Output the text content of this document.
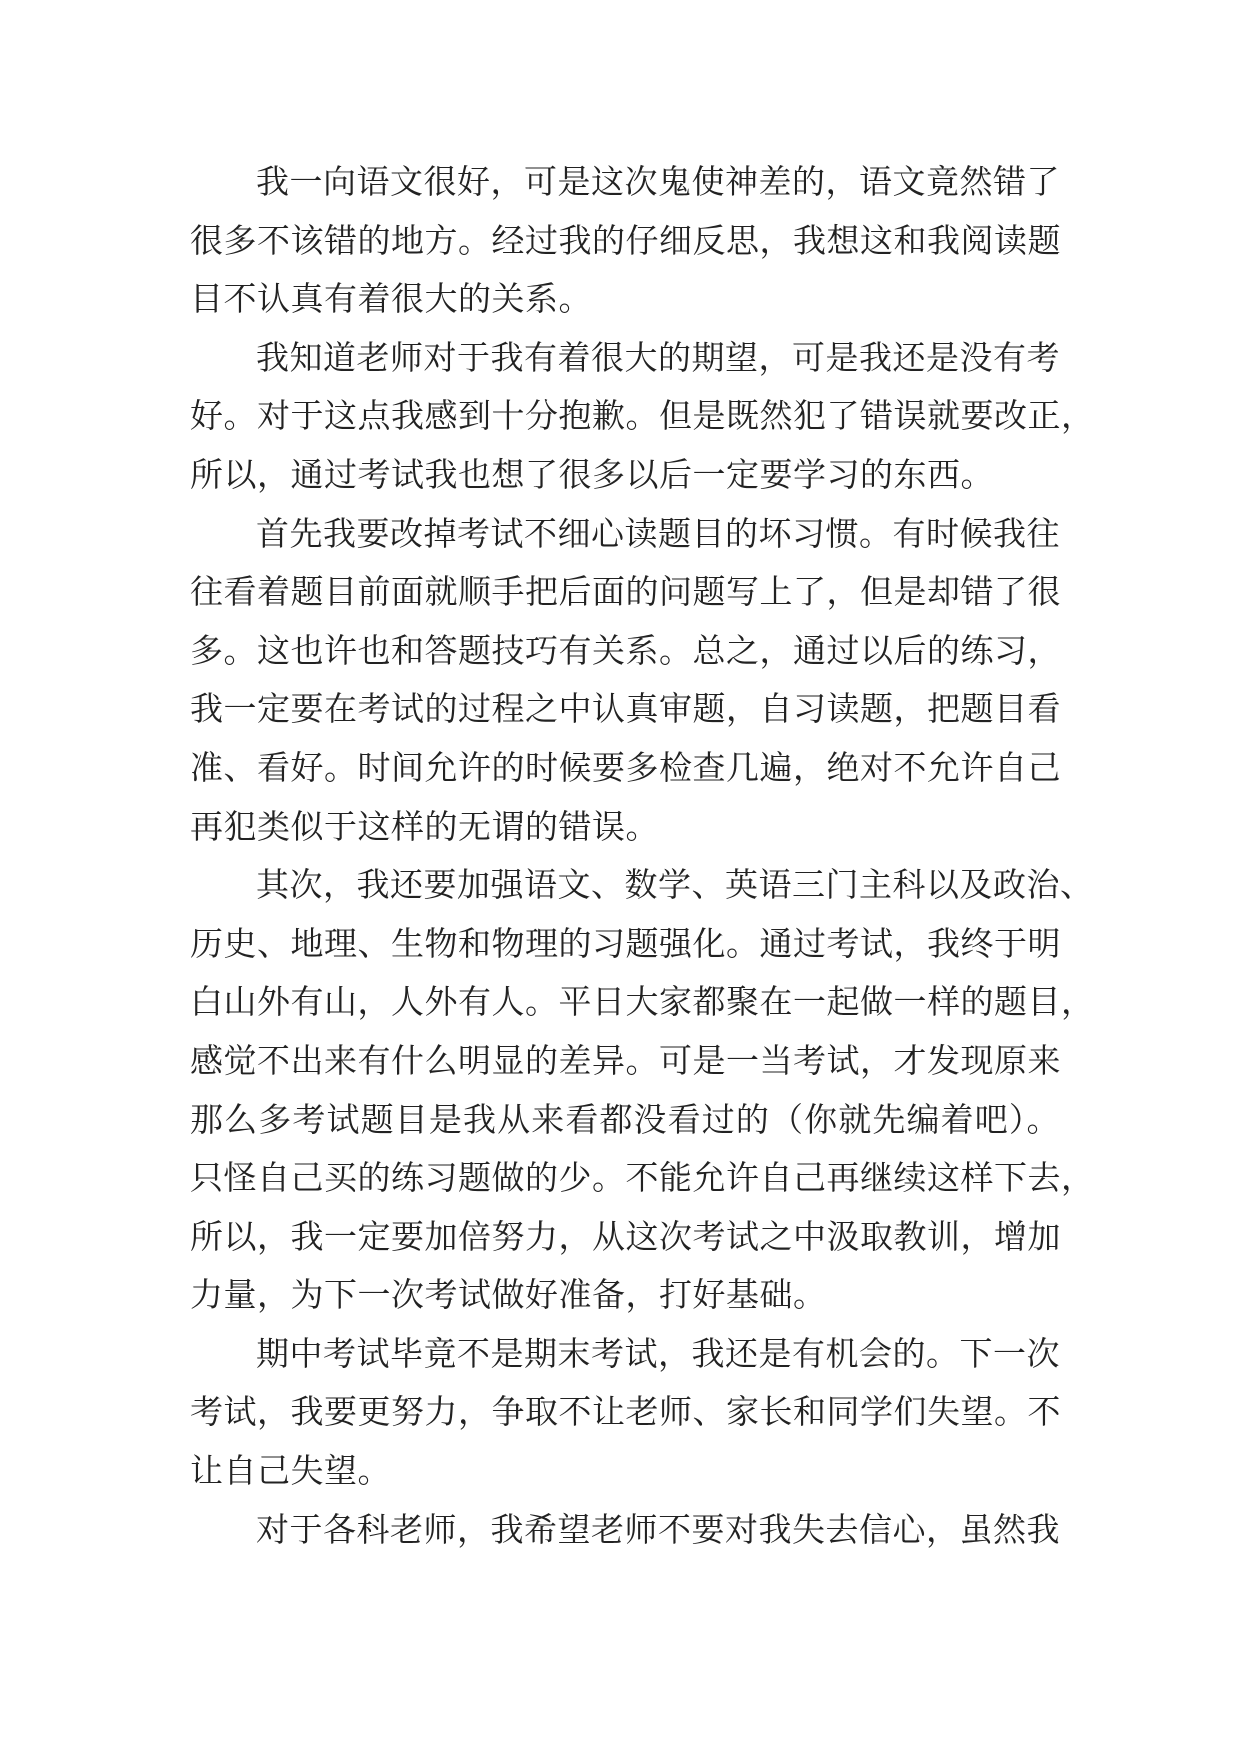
我一向语文很好，可是这次鬼使神差的，语文竟然错了
很多不该错的地方。经过我的仔细反思，我想这和我阅读题
目不认真有着很大的关系。
我知道老师对于我有着很大的期望，可是我还是没有考
好。对于这点我感到十分抱歉。但是既然犯了错误就要改正，
所以，通过考试我也想了很多以后一定要学习的东西。
首先我要改掉考试不细心读题目的坏习惯。有时候我往
往看着题目前面就顺手把后面的问题写上了，但是却错了很
多。这也许也和答题技巧有关系。总之，通过以后的练习，
我一定要在考试的过程之中认真审题，自习读题，把题目看
准、看好。时间允许的时候要多检查几遍，绝对不允许自己
再犯类似于这样的无谓的错误。
其次，我还要加强语文、数学、英语三门主科以及政治、
历史、地理、生物和物理的习题强化。通过考试，我终于明
白山外有山，人外有人。平日大家都聚在一起做一样的题目，
感觉不出来有什么明显的差异。可是一当考试，才发现原来
那么多考试题目是我从来看都没看过的（你就先编着吧）。
只怪自己买的练习题做的少。不能允许自己再继续这样下去，
所以，我一定要加倍努力，从这次考试之中汲取教训，增加
力量，为下一次考试做好准备，打好基础。
期中考试毕竟不是期末考试，我还是有机会的。下一次
考试，我要更努力，争取不让老师、家长和同学们失望。不
让自己失望。
对于各科老师，我希望老师不要对我失去信心，虽然我
